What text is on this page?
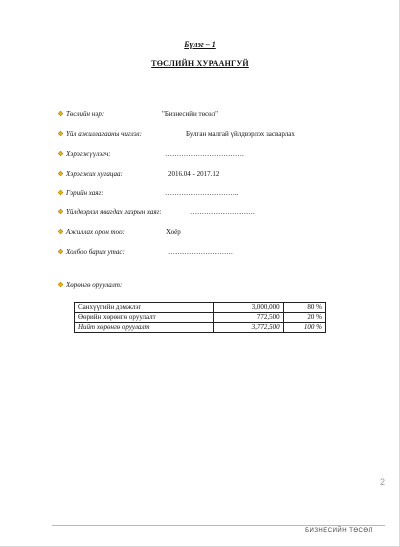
Бүлэг – 1
ТӨСЛИЙН ХУРААНГУЙ
Төслийн нэр:	"Бизнесийн төсөл"
Үйл ажиллагааны чиглэл:	Булган малгай үйлдвэрлэх засварлах
Хэрэгжүүлэгч:	…………………………….
Хэрэгжих хугацаа:	2016.04 - 2017.12
Гэрийн хаяг:	…………………………..
Үйлдвэрлэл явагдах газрын хаяг:	……………………….
Ажиллах орон тоо:	Хоёр
Холбоо барих утас:	……………………….
Хөрөнгө оруулалт:
Санхүүгийн дэмжлэг	3,000,000	80 %
Өөрийн хөрөнгө оруулалт	772,500	20 %
Нийт хөрөнгө оруулалт	3,772,500	100 %
2
БИЗНЕСИЙН ТӨСӨЛ
